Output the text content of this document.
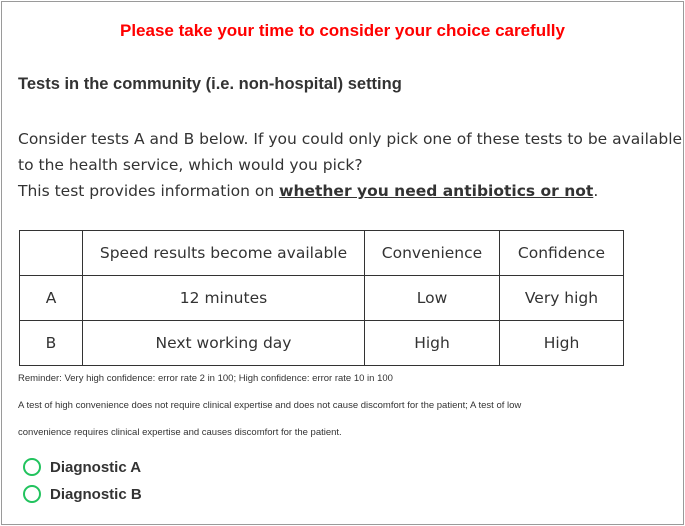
Please take your time to consider your choice carefully
Tests in the community (i.e. non-hospital) setting

Consider tests A and B below. If you could only pick one of these tests to be available

to the health service, which would you pick?

This test provides information on whether you need antibiotics or not.

	Speed results become available	Convenience	Confidence
A	12 minutes	Low	Very high
B	Next working day	High	High
Reminder: Very high confidence: error rate 2 in 100; High confidence: error rate 10 in 100
A test of high convenience does not require clinical expertise and does not cause discomfort for the patient; A test of low
convenience requires clinical expertise and causes discomfort for the patient.
Diagnostic A
Diagnostic B
